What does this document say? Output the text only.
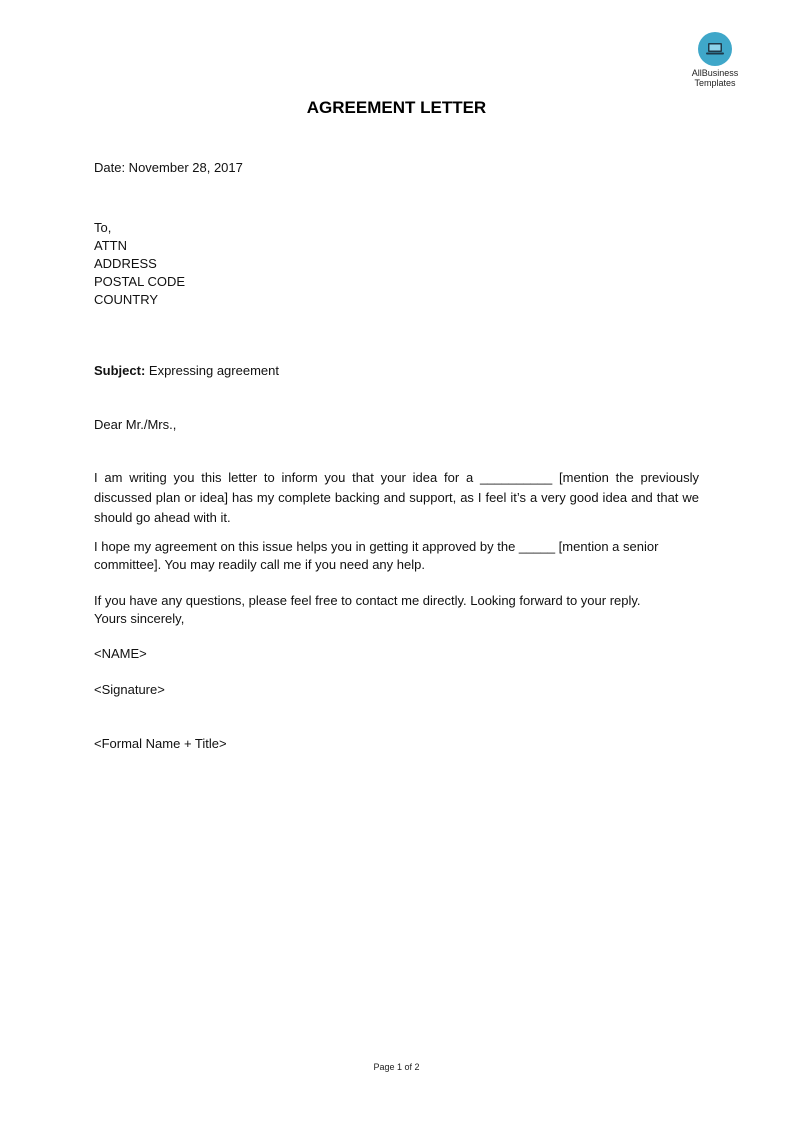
AllBusiness
Templates
AGREEMENT LETTER
Date: November 28, 2017
To,
ATTN
ADDRESS
POSTAL CODE
COUNTRY
Subject: Expressing agreement
Dear Mr./Mrs.,
I am writing you this letter to inform you that your idea for a __________ [mention the previously discussed plan or idea] has my complete backing and support, as I feel it’s a very good idea and that we should go ahead with it.
I hope my agreement on this issue helps you in getting it approved by the _____ [mention a senior committee]. You may readily call me if you need any help.
If you have any questions, please feel free to contact me directly. Looking forward to your reply.
Yours sincerely,
<NAME>
<Signature>
<Formal Name + Title>
Page 1 of 2
